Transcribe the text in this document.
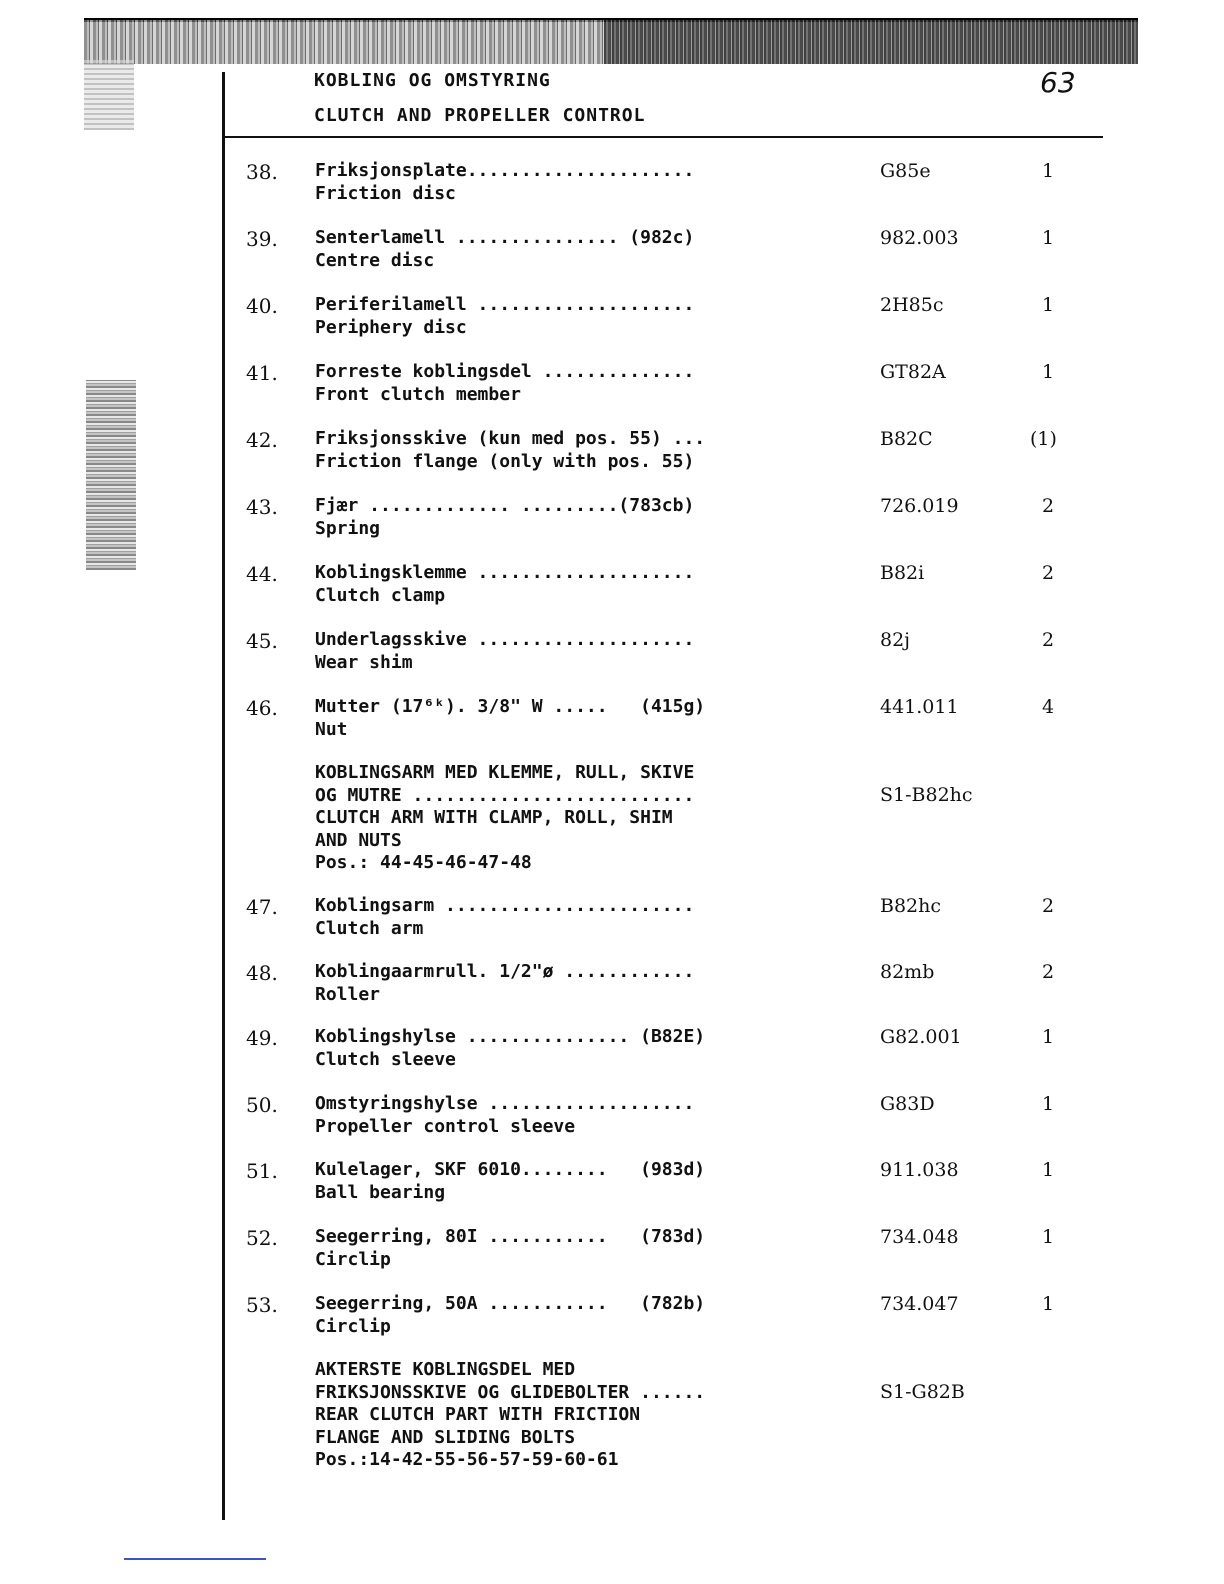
KOBLING OG OMSTYRING
CLUTCH AND PROPELLER CONTROL
63
38. Friksjonsplate.....................
Friction disc
G85e	1
39. Senterlamell ............... (982c)
Centre disc
982.003	1
40. Periferilamell ....................
Periphery disc
2H85c	1
41. Forreste koblingsdel ..............
Front clutch member
GT82A	1
42. Friksjonsskive (kun med pos. 55) ...
Friction flange (only with pos. 55)
B82C	(1)
43. Fjær ............. .........(783cb)
Spring
726.019	2
44. Koblingsklemme ....................
Clutch clamp
B82i	2
45. Underlagsskive ....................
Wear shim
82j	2
46. Mutter (17⁶ᵏ). 3/8" W .....   (415g)
Nut
441.011	4
KOBLINGSARM MED KLEMME, RULL, SKIVE
OG MUTRE ..........................
CLUTCH ARM WITH CLAMP, ROLL, SHIM
AND NUTS
Pos.: 44-45-46-47-48
S1-B82hc
47. Koblingsarm .......................
Clutch arm
B82hc	2
48. Koblingaarmrull. 1/2"ø ............
Roller
82mb	2
49. Koblingshylse ............... (B82E)
Clutch sleeve
G82.001	1
50. Omstyringshylse ...................
Propeller control sleeve
G83D	1
51. Kulelager, SKF 6010........   (983d)
Ball bearing
911.038	1
52. Seegerring, 80I ...........   (783d)
Circlip
734.048	1
53. Seegerring, 50A ...........   (782b)
Circlip
734.047	1
AKTERSTE KOBLINGSDEL MED
FRIKSJONSSKIVE OG GLIDEBOLTER ......
REAR CLUTCH PART WITH FRICTION
FLANGE AND SLIDING BOLTS
Pos.:14-42-55-56-57-59-60-61
S1-G82B
